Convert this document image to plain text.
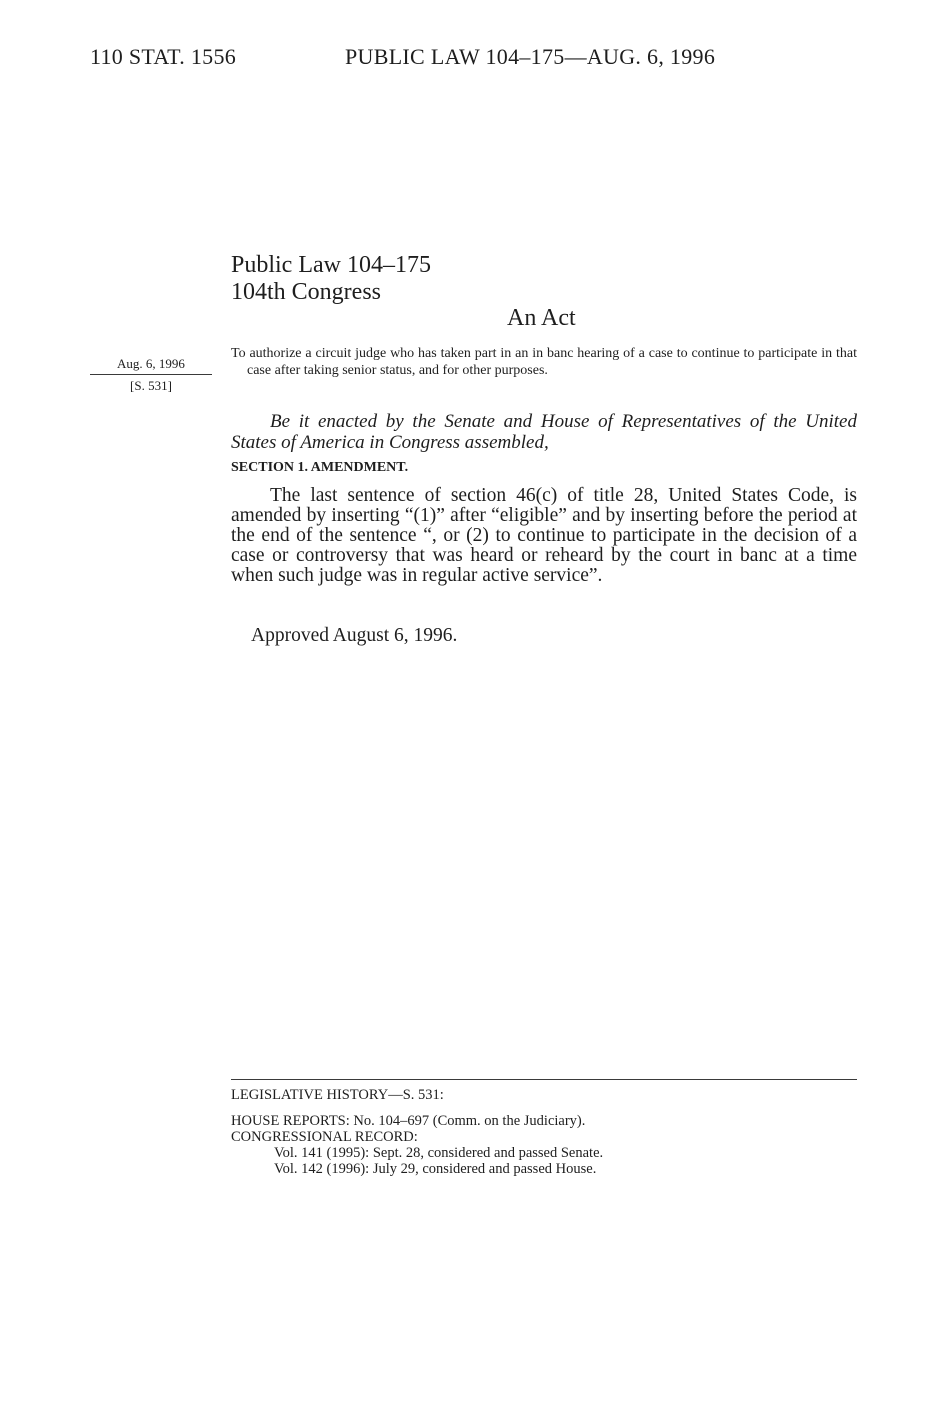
110 STAT. 1556	PUBLIC LAW 104–175—AUG. 6, 1996
Public Law 104–175
104th Congress
An Act
Aug. 6, 1996
[S. 531]
To authorize a circuit judge who has taken part in an in banc hearing of a case to continue to participate in that case after taking senior status, and for other purposes.
Be it enacted by the Senate and House of Representatives of the United States of America in Congress assembled,
SECTION 1. AMENDMENT.
The last sentence of section 46(c) of title 28, United States Code, is amended by inserting “(1)” after “eligible” and by inserting before the period at the end of the sentence “, or (2) to continue to participate in the decision of a case or controversy that was heard or reheard by the court in banc at a time when such judge was in regular active service”.
Approved August 6, 1996.
LEGISLATIVE HISTORY—S. 531:
HOUSE REPORTS: No. 104–697 (Comm. on the Judiciary).
CONGRESSIONAL RECORD:
Vol. 141 (1995): Sept. 28, considered and passed Senate.
Vol. 142 (1996): July 29, considered and passed House.
